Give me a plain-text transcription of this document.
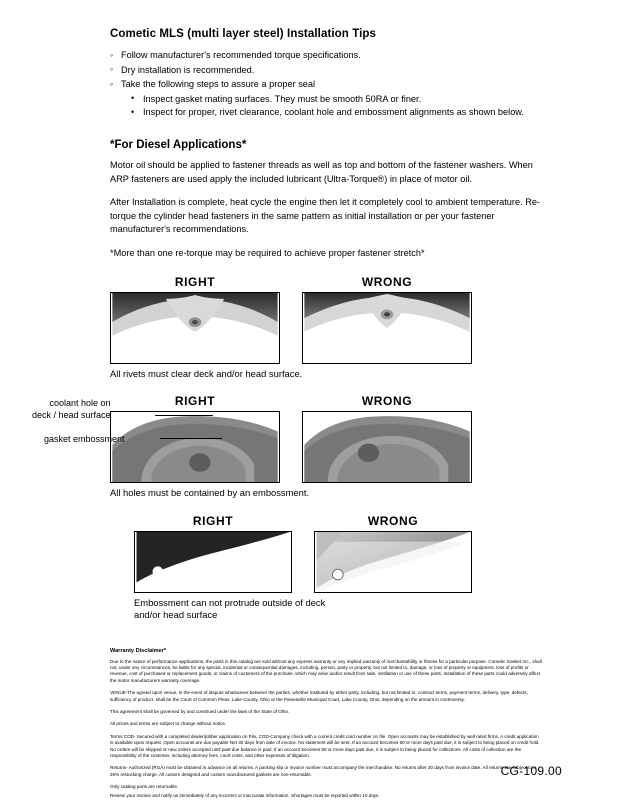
Cometic MLS (multi layer steel) Installation Tips
◦ Follow manufacturer's recommended torque specifications.
◦ Dry installation is recommended.
◦ Take the following steps to assure a proper seal
• Inspect gasket mating surfaces. They must be smooth 50RA or finer.
• Inspect for proper, rivet clearance, coolant hole and embossment alignments as shown below.
*For Diesel Applications*

Motor oil should be applied to fastener threads as well as top and bottom of the fastener washers. When ARP fasteners are used apply the included lubricant (Ultra-Torque®) in place of motor oil.

After Installation is complete, heat cycle the engine then let it completely cool to ambient temperature. Re-torque the cylinder head fasteners in the same pattern as initial installation or per your fastener manufacturer's recommendations.

*More than one re-torque may be required to achieve proper fastener stretch*

RIGHT	WRONG

All rivets must clear deck and/or head surface.

RIGHT	WRONG

All holes must be contained by an embossment.

coolant hole on
deck / head surface
gasket embossment
RIGHT	WRONG

Embossment can not protrude outside of deck
and/or head surface

Warranty Disclaimer*

Due to the nature of performance applications, the parts in this catalog are sold without any express warranty or any implied warranty of merchantability or fitness for a particular purpose. Cometic Gasket Inc., shall not, under any circumstances, be liable for any special, incidental or consequential damages, including, person, party or property, but not limited to, damage, or loss of property or equipment, loss of profits or revenue, cost of purchased or replacement goods, or claims of customers of the purchase, which may arise and/or result from sale, instillation or use of these parts. Installation of these parts could adversely affect the motor manufacturers warranty coverage.

VENUE-The agreed upon venue, in the event of dispute whatsoever between the parties, whether instituted by either party, including, but not limited to, contract terms, payment terms, delivery, type, defects, sufficiency of product, shall be the Court of Common Pleas, Lake County, Ohio or the Painesville Municipal Court, Lake County, Ohio, depending on the amount in controversy.

This agreement shall be governed by and construed under the laws of the State of Ohio.

All prices and terms are subject to change without notice.

Terms COD- Secured with a completed dealer/jobber application on File, COD-Company check with a current credit card number on file. Open accounts may be established by well rated firms. A credit application is available upon request. Open accounts are due payable Net 30 days from date of invoice. No statement will be sent. If an account becomes 60 or more days past due, it is subject to being placed on credit hold. No orders will be shipped or new orders accepted until past due balance is paid. If an account becomes 90 or more days past due, it is subject to being placed for collections. All costs of collection are the responsibility of the customer, including attorney fees, court costs, and other expenses of litigation.

Returns- Authorized (RGA) must be obtained in advance on all returns. A packing slip or invoice number must accompany the merchandise. No returns after 30 days from invoice date. All returns are subject to a 25% restocking charge. All custom designed and custom manufactured gaskets are non-returnable.

Only catalog parts are returnable.

Review your invoice and notify us immediately of any incorrect or inaccurate information. Shortages must be reported within 10 days.

CG-109.00
